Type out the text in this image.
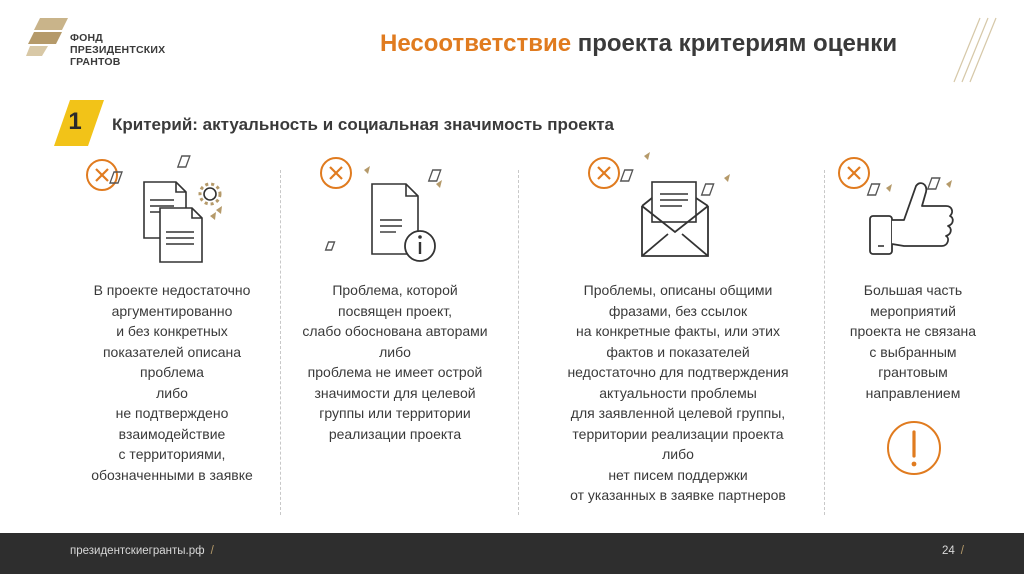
ФОНД
ПРЕЗИДЕНТСКИХ
ГРАНТОВ
Несоответствие проекта критериям оценки
1	Критерий: актуальность и социальная значимость проекта
В проекте недостаточно
аргументированно
и без конкретных
показателей описана
проблема
либо
не подтверждено
взаимодействие
с территориями,
обозначенными в заявке
Проблема, которой
посвящен проект,
слабо обоснована авторами
либо
проблема не имеет острой
значимости для целевой
группы или территории
реализации проекта
Проблемы, описаны общими
фразами, без ссылок
на конкретные факты, или этих
фактов и показателей
недостаточно для подтверждения
актуальности проблемы
для заявленной целевой группы,
территории реализации проекта
либо
нет писем поддержки
от указанных в заявке партнеров
Большая часть
мероприятий
проекта не связана
с выбранным
грантовым
направлением
президентскиегранты.рф /	24 /
